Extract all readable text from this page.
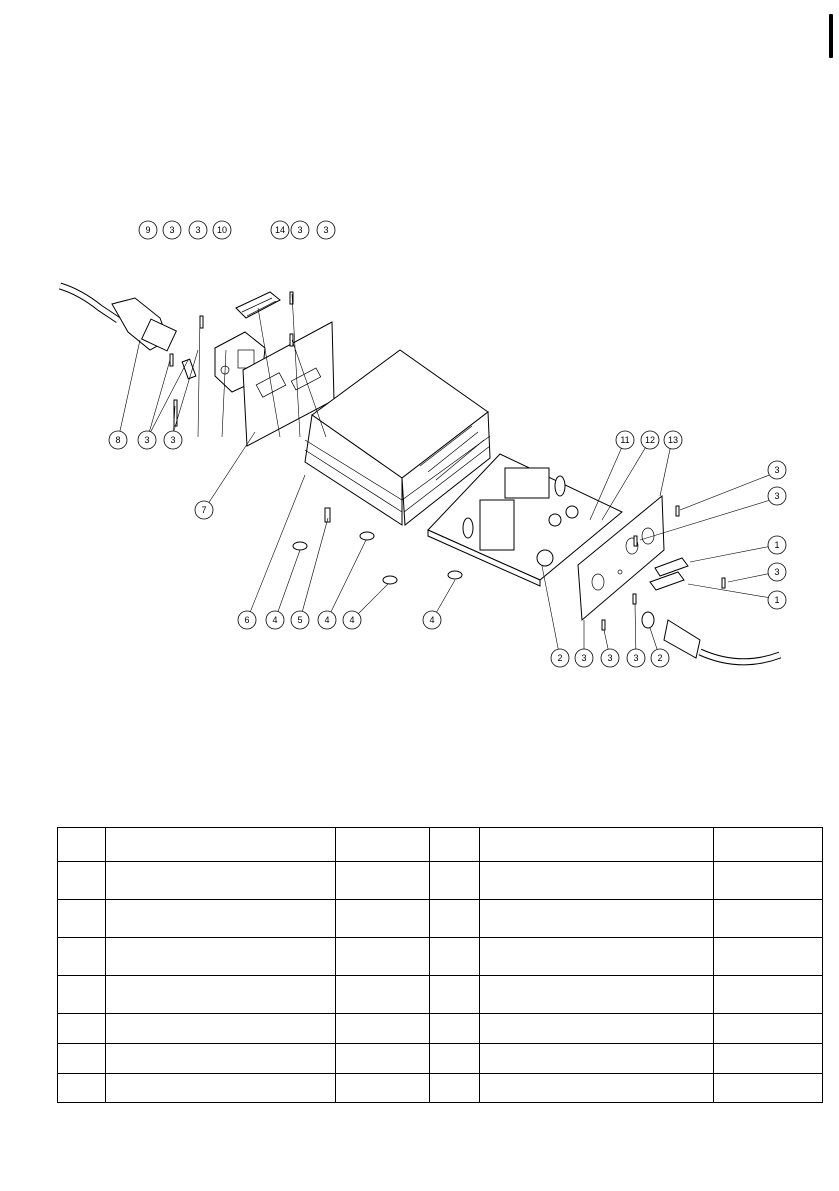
9 3 3 10	14 3 3
8	3 3
7
11 12 13
3
3
1
3
1
6	4 5 4 4	4
2 3 3 3 2
